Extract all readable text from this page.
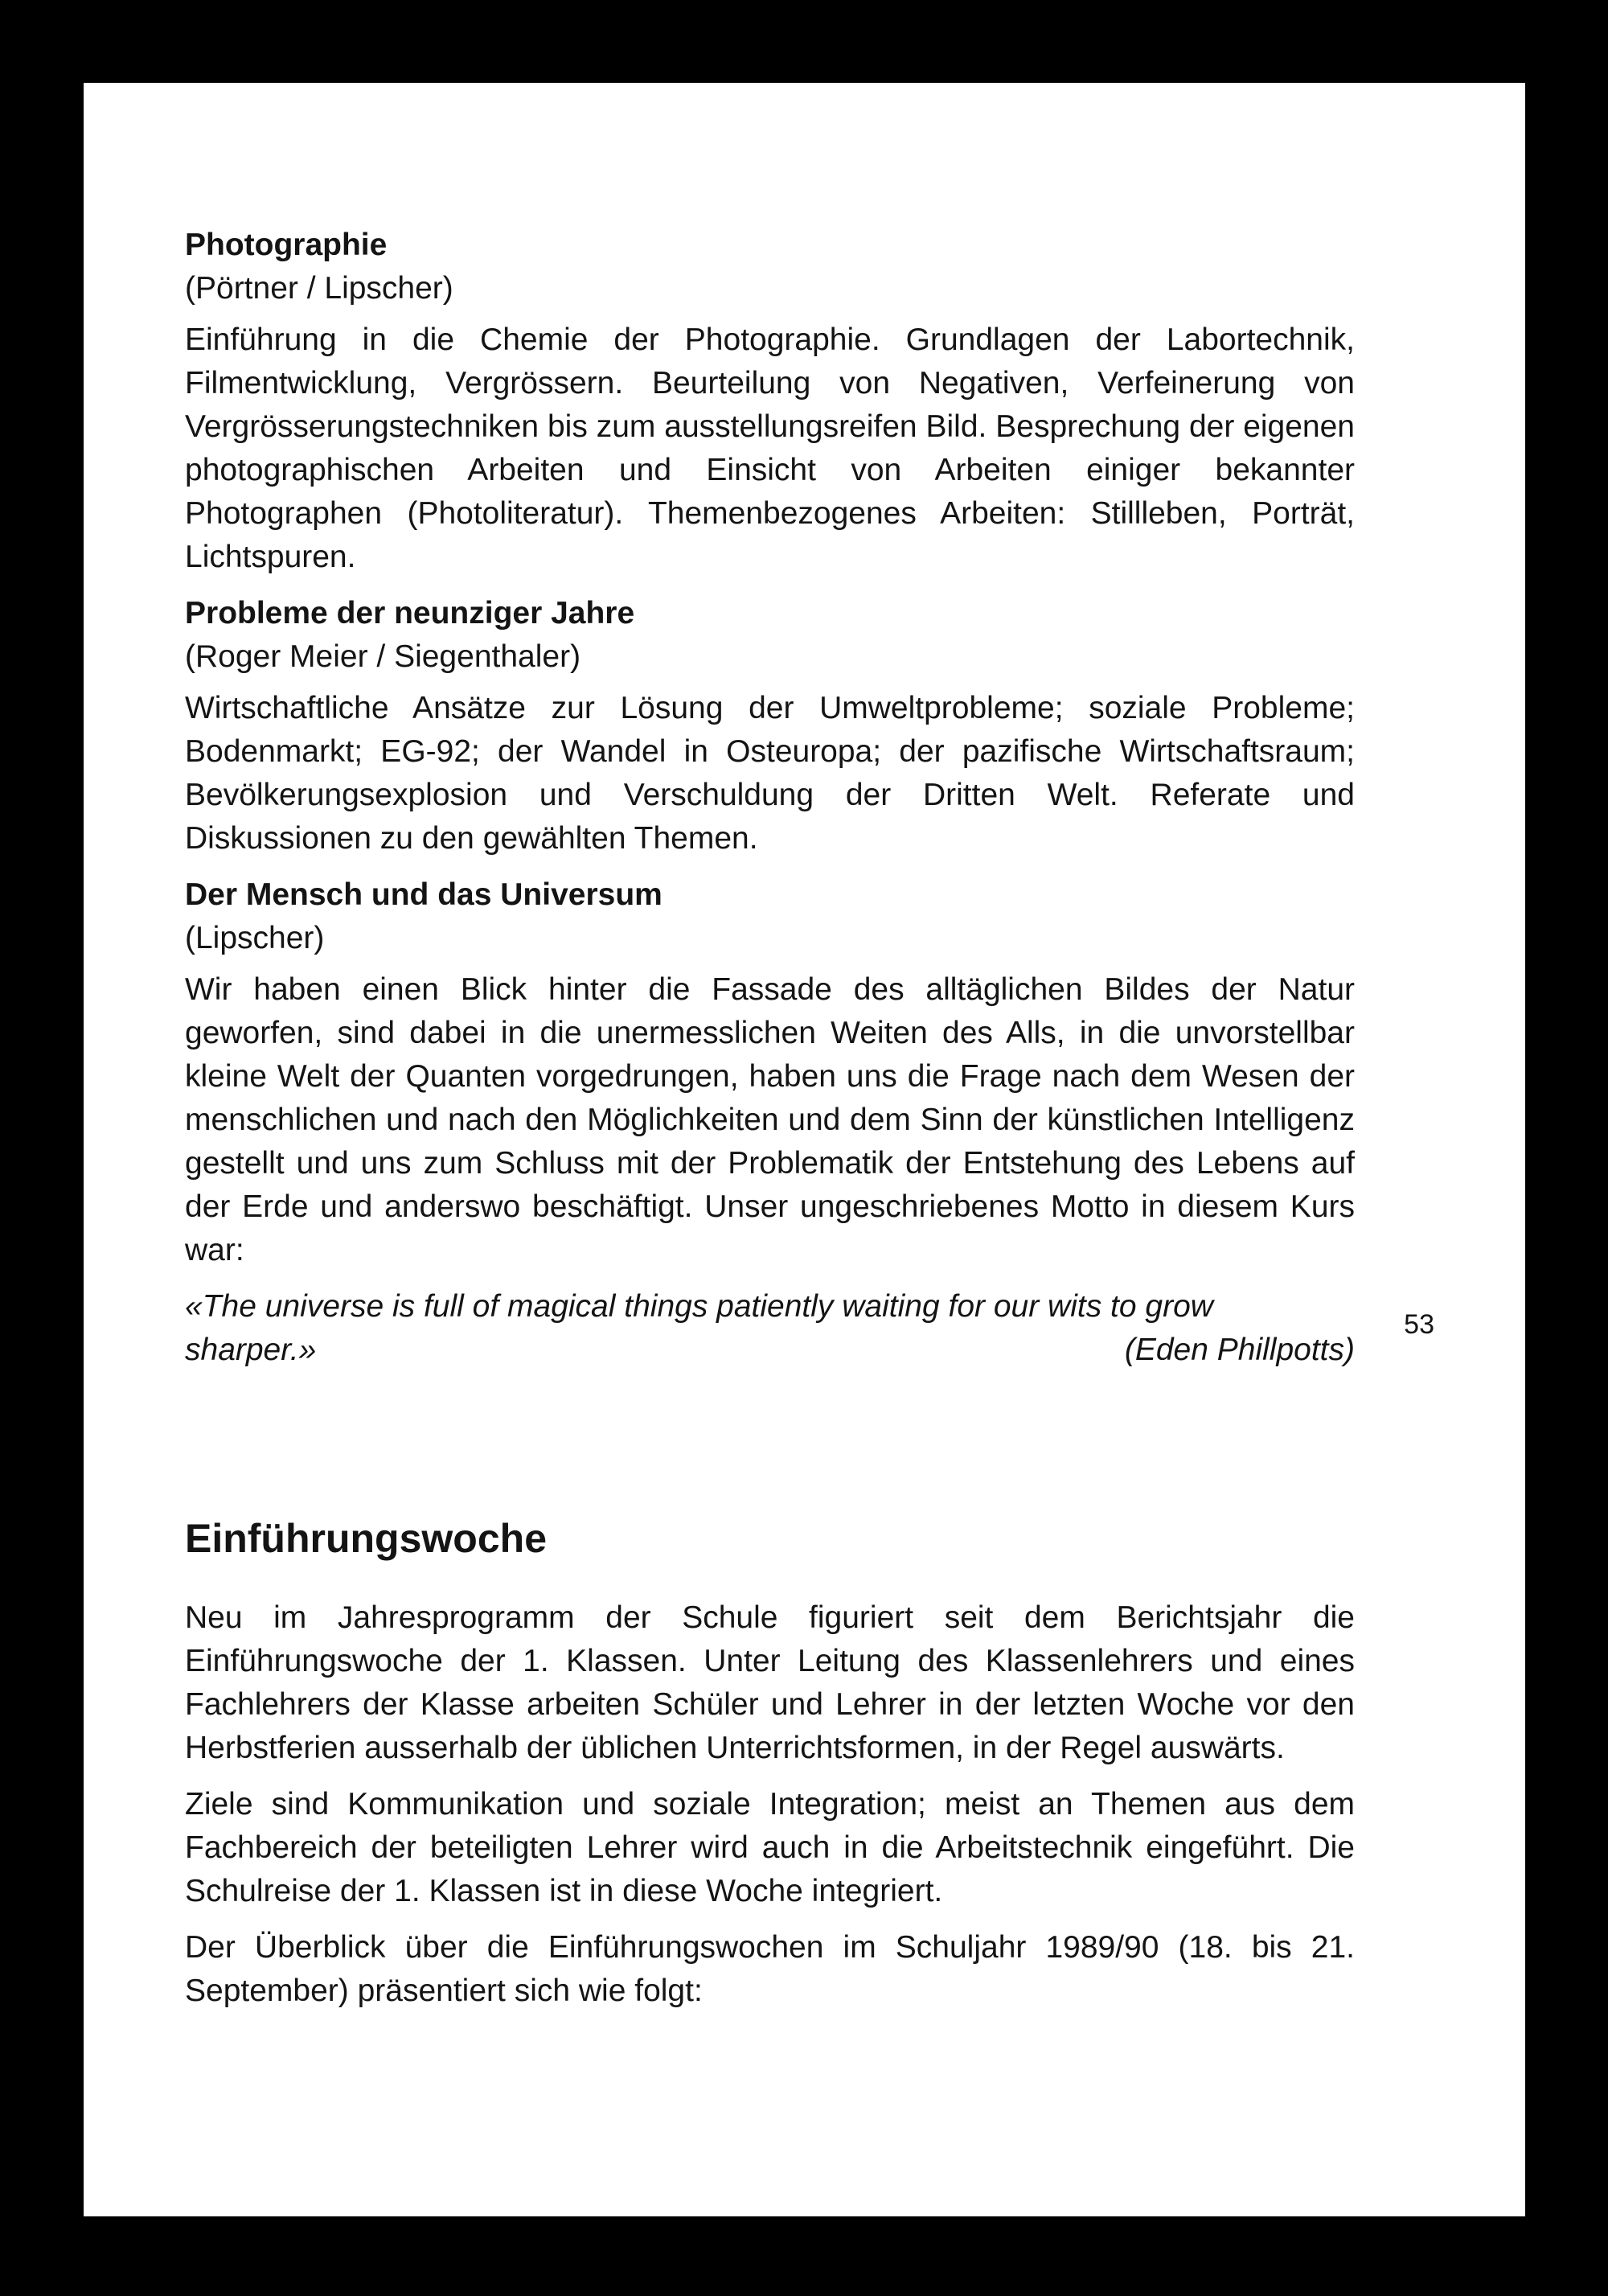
Photographie

(Pörtner / Lipscher)

Einführung in die Chemie der Photographie. Grundlagen der Labortechnik, Filmentwicklung, Vergrössern. Beurteilung von Negativen, Verfeinerung von Vergrösserungstechniken bis zum ausstellungsreifen Bild. Besprechung der eigenen photographischen Arbeiten und Einsicht von Arbeiten einiger bekannter Photographen (Photoliteratur). Themenbezogenes Arbeiten: Stillleben, Porträt, Lichtspuren.

Probleme der neunziger Jahre

(Roger Meier / Siegenthaler)

Wirtschaftliche Ansätze zur Lösung der Umweltprobleme; soziale Probleme; Bodenmarkt; EG-92; der Wandel in Osteuropa; der pazifische Wirtschaftsraum; Bevölkerungsexplosion und Verschuldung der Dritten Welt. Referate und Diskussionen zu den gewählten Themen.

Der Mensch und das Universum

(Lipscher)

Wir haben einen Blick hinter die Fassade des alltäglichen Bildes der Natur geworfen, sind dabei in die unermesslichen Weiten des Alls, in die unvorstellbar kleine Welt der Quanten vorgedrungen, haben uns die Frage nach dem Wesen der menschlichen und nach den Möglichkeiten und dem Sinn der künstlichen Intelligenz gestellt und uns zum Schluss mit der Problematik der Entstehung des Lebens auf der Erde und anderswo beschäftigt. Unser ungeschriebenes Motto in diesem Kurs war:

«The universe is full of magical things patiently waiting for our wits to grow

sharper.»	(Eden Phillpotts)

Einführungswoche

Neu im Jahresprogramm der Schule figuriert seit dem Berichtsjahr die Einführungswoche der 1. Klassen. Unter Leitung des Klassenlehrers und eines Fachlehrers der Klasse arbeiten Schüler und Lehrer in der letzten Woche vor den Herbstferien ausserhalb der üblichen Unterrichtsformen, in der Regel auswärts.

Ziele sind Kommunikation und soziale Integration; meist an Themen aus dem Fachbereich der beteiligten Lehrer wird auch in die Arbeitstechnik eingeführt. Die Schulreise der 1. Klassen ist in diese Woche integriert.

Der Überblick über die Einführungswochen im Schuljahr 1989/90 (18. bis 21. September) präsentiert sich wie folgt:

53
